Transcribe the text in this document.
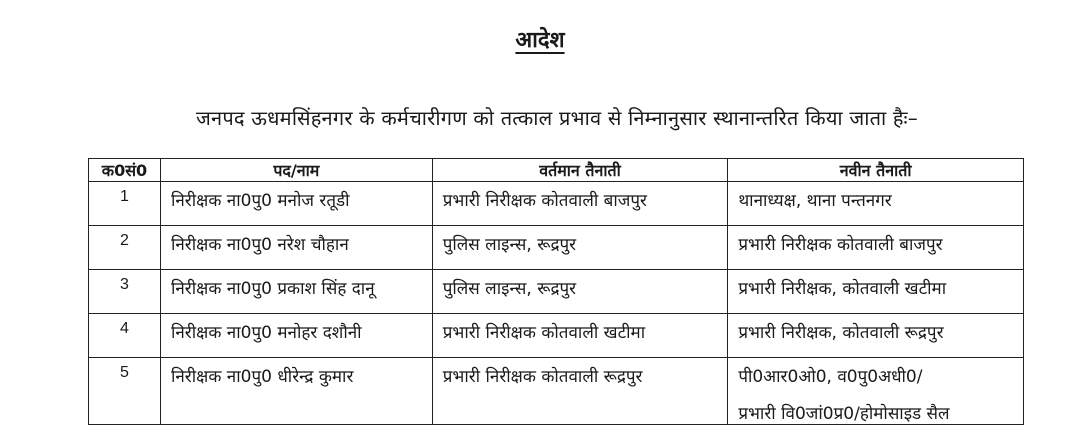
आदेश
जनपद ऊधमसिंहनगर के कर्मचारीगण को तत्काल प्रभाव से निम्नानुसार स्थानान्तरित किया जाता हैः–
क0सं0	पद/नाम	वर्तमान तैनाती	नवीन तैनाती
1	निरीक्षक ना0पु0 मनोज रतूडी	प्रभारी निरीक्षक कोतवाली बाजपुर	थानाध्यक्ष, थाना पन्तनगर
2	निरीक्षक ना0पु0 नरेश चौहान	पुलिस लाइन्स, रूद्रपुर	प्रभारी निरीक्षक कोतवाली बाजपुर
3	निरीक्षक ना0पु0 प्रकाश सिंह दानू	पुलिस लाइन्स, रूद्रपुर	प्रभारी निरीक्षक, कोतवाली खटीमा
4	निरीक्षक ना0पु0 मनोहर दशौनी	प्रभारी निरीक्षक कोतवाली खटीमा	प्रभारी निरीक्षक, कोतवाली रूद्रपुर
5	निरीक्षक ना0पु0 धीरेन्द्र कुमार	प्रभारी निरीक्षक कोतवाली रूद्रपुर	पी0आर0ओ0, व0पु0अधी0/
प्रभारी वि0जां0प्र0/होमोसाइड सैल
